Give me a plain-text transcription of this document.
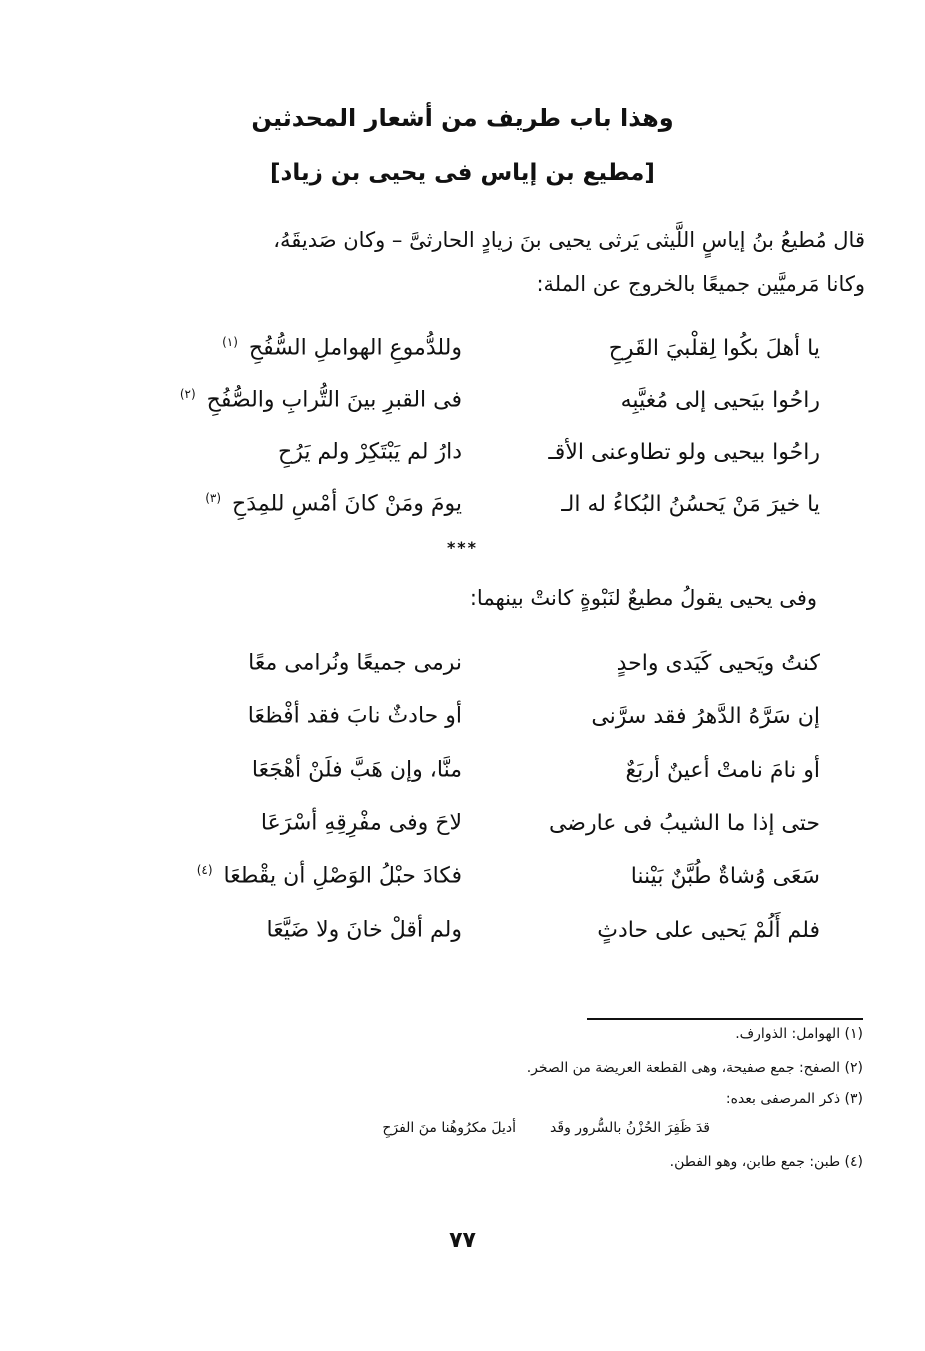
وهذا باب طريف من أشعار المحدثين
[مطيع بن إياس فى يحيى بن زياد]
قال مُطيعُ بنُ إياسٍ اللَّيثى يَرثى يحيى بنَ زيادٍ الحارثىَّ – وكان صَديقَهُ،
وكانا مَرميَّين جميعًا بالخروج عن الملة:
يا أهلَ بكُوا لِقلْبيَ القَرِحِ
وللدُّموعِ الهواملِ السُّفُحِ $^{(١)}$
راحُوا بيَحيى إلى مُغيَّبِه
فى القبرِ بينَ التُّرابِ والصُّفُحِ $^{(٢)}$
راحُوا بيحيى ولو تطاوعنى الأقـ
دارُ لم يَبْتَكِرْ ولم يَرُحِ
يا خيرَ مَنْ يَحسُنُ البُكاءُ له الـ
يومَ ومَنْ كانَ أمْسِ للمِدَحِ $^{(٣)}$
***
وفى يحيى يقولُ مطيعٌ لنَبْوةٍ كانتْ بينهما:
كنتُ ويَحيى كَيَدى واحدٍ
نرمى جميعًا ونُرامى معًا
إن سَرَّهُ الدَّهرُ فقد سرَّنى
أو حادثٌ نابَ فقد أفْظعَا
أو نامَ نامتْ أعينٌ أربَعٌ
منَّا، وإن هَبَّ فلَنْ أهْجَعَا
حتى إذا ما الشيبُ فى عارضى
لاحَ وفى مفْرِقِهِ أسْرَعَا
سَعَى وُشاةٌ طُبَّنٌ بَيْننا
فكادَ حبْلُ الوَصْلِ أن يقْطعَا $^{(٤)}$
فلم أَلُمْ يَحيى على حادثٍ
ولم أقلْ خانَ ولا ضَيَّعَا
(١) الهوامل: الذوارف.
(٢) الصفح: جمع صفيحة، وهى القطعة العريضة من الصخر.
(٣) ذكر المرصفى بعده:
قدَ ظَفِرَ الحُزْنُ بالسُّرور وقَد
أديلَ مكرُوهُنا منَ الفرَحِ
(٤) طبن: جمع طابن، وهو الفطن.
٧٧
